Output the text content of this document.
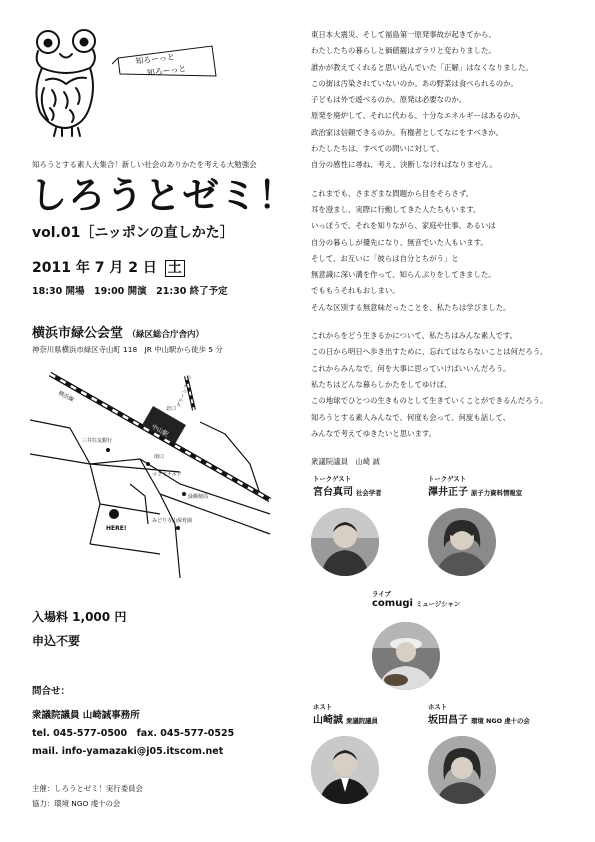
知ろーっと
知ろーっと
知ろうとする素人大集合！新しい社会のありかたを考える大勉強会
しろうとゼミ！
vol.01［ニッポンの直しかた］
2011 年 7 月 2 日 土
18:30 開場　19:00 開演　21:30 終了予定
横浜市緑公会堂 （緑区総合庁舎内）
神奈川県横浜市緑区寺山町 118　JR 中山駅から徒歩 5 分
横浜線	グリーンライン
北口
中山駅
南口
三井住友銀行
マクドナルド
緑郵便局
みどり寺山保育園
HERE!
入場料 1,000 円
申込不要
問合せ：
衆議院議員 山崎誠事務所
tel. 045-577-0500　fax. 045-577-0525
mail. info-yamazaki@j05.itscom.net
主催：しろうとゼミ！実行委員会
協力：環境 NGO 虔十の会

東日本大震災、そして福島第一原発事故が起きてから、
わたしたちの暮らしと価値観はガラリと変わりました。
誰かが教えてくれると思い込んでいた「正解」はなくなりました。
この街は汚染されていないのか。あの野菜は食べられるのか。
子どもは外で遊べるのか。原発は必要なのか。
原発を廃炉して、それに代わる、十分なエネルギーはあるのか。
政治家は信頼できるのか。有権者としてなにをすべきか。
わたしたちは、すべての問いに対して、
自分の感性に尋ね、考え、決断しなければなりません。

これまでも、さまざまな問題から目をそらさず、
耳を澄まし、実際に行動してきた人たちもいます。
いっぽうで、それを知りながら、家庭や仕事、あるいは
自分の暮らしが優先になり、無音でいた人もいます。
そして、お互いに「彼らは自分とちがう」と
無意識に深い溝を作って、知らんぷりをしてきました。
でももうそれもおしまい。
そんな区別する無意味だったことを、私たちは学びました。

これからをどう生きるかについて、私たちはみんな素人です。
この日から明日へ歩き出すために、忘れてはならないことは何だろう。
これからみんなで、何を大事に思っていけばいいんだろう。
私たちはどんな暮らしかたをしてゆけば、
この地球でひとつの生きものとして生きていくことができるんだろう。
知ろうとする素人みんなで、何度も会って、何度も話して、
みんなで考えてゆきたいと思います。

衆議院議員　山崎 誠

トークゲスト
宮台真司 社会学者
トークゲスト
澤井正子 原子力資料情報室
ライブ
comugi ミュージシャン
ホスト
山崎誠 衆議院議員
ホスト
坂田昌子 環境 NGO 虔十の会
